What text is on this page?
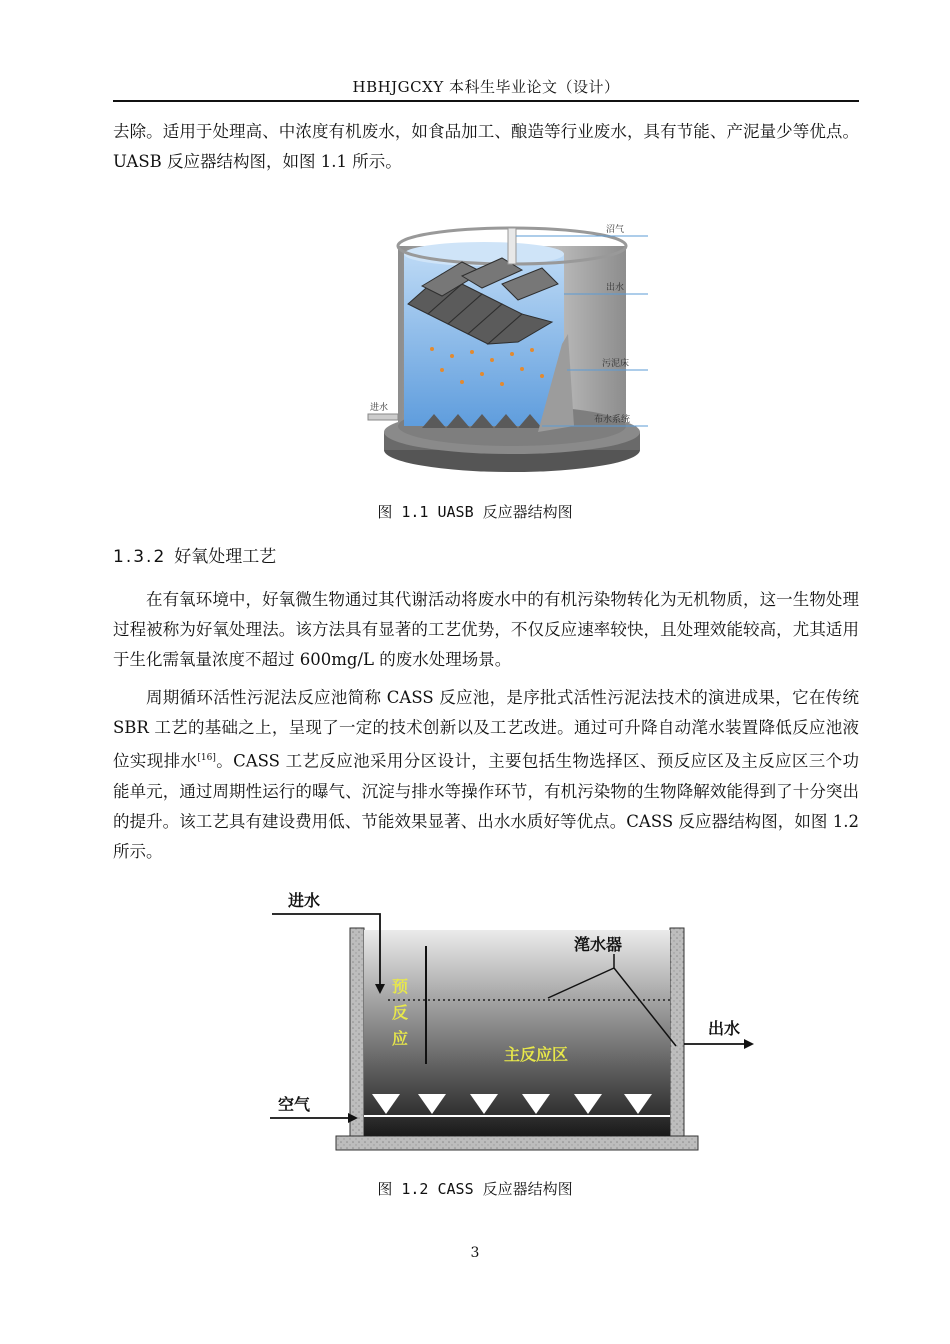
HBHJGCXY 本科生毕业论文（设计）
去除。适用于处理高、中浓度有机废水，如食品加工、酿造等行业废水，具有节能、产泥量少等优点。UASB 反应器结构图，如图 1.1 所示。
沼气
出水
污泥床
进水
布水系统
图 1.1 UASB 反应器结构图
1.3.2 好氧处理工艺
在有氧环境中，好氧微生物通过其代谢活动将废水中的有机污染物转化为无机物质，这一生物处理过程被称为好氧处理法。该方法具有显著的工艺优势，不仅反应速率较快，且处理效能较高，尤其适用于生化需氧量浓度不超过 600mg/L 的废水处理场景。
周期循环活性污泥法反应池简称 CASS 反应池，是序批式活性污泥法技术的演进成果，它在传统 SBR 工艺的基础之上，呈现了一定的技术创新以及工艺改进。通过可升降自动滗水装置降低反应池液位实现排水[16]。CASS 工艺反应池采用分区设计，主要包括生物选择区、预反应区及主反应区三个功能单元，通过周期性运行的曝气、沉淀与排水等操作环节，有机污染物的生物降解效能得到了十分突出的提升。该工艺具有建设费用低、节能效果显著、出水水质好等优点。CASS 反应器结构图，如图 1.2 所示。
进水
滗水器
出水
空气
预
反
应
主反应区
图 1.2 CASS 反应器结构图
3
